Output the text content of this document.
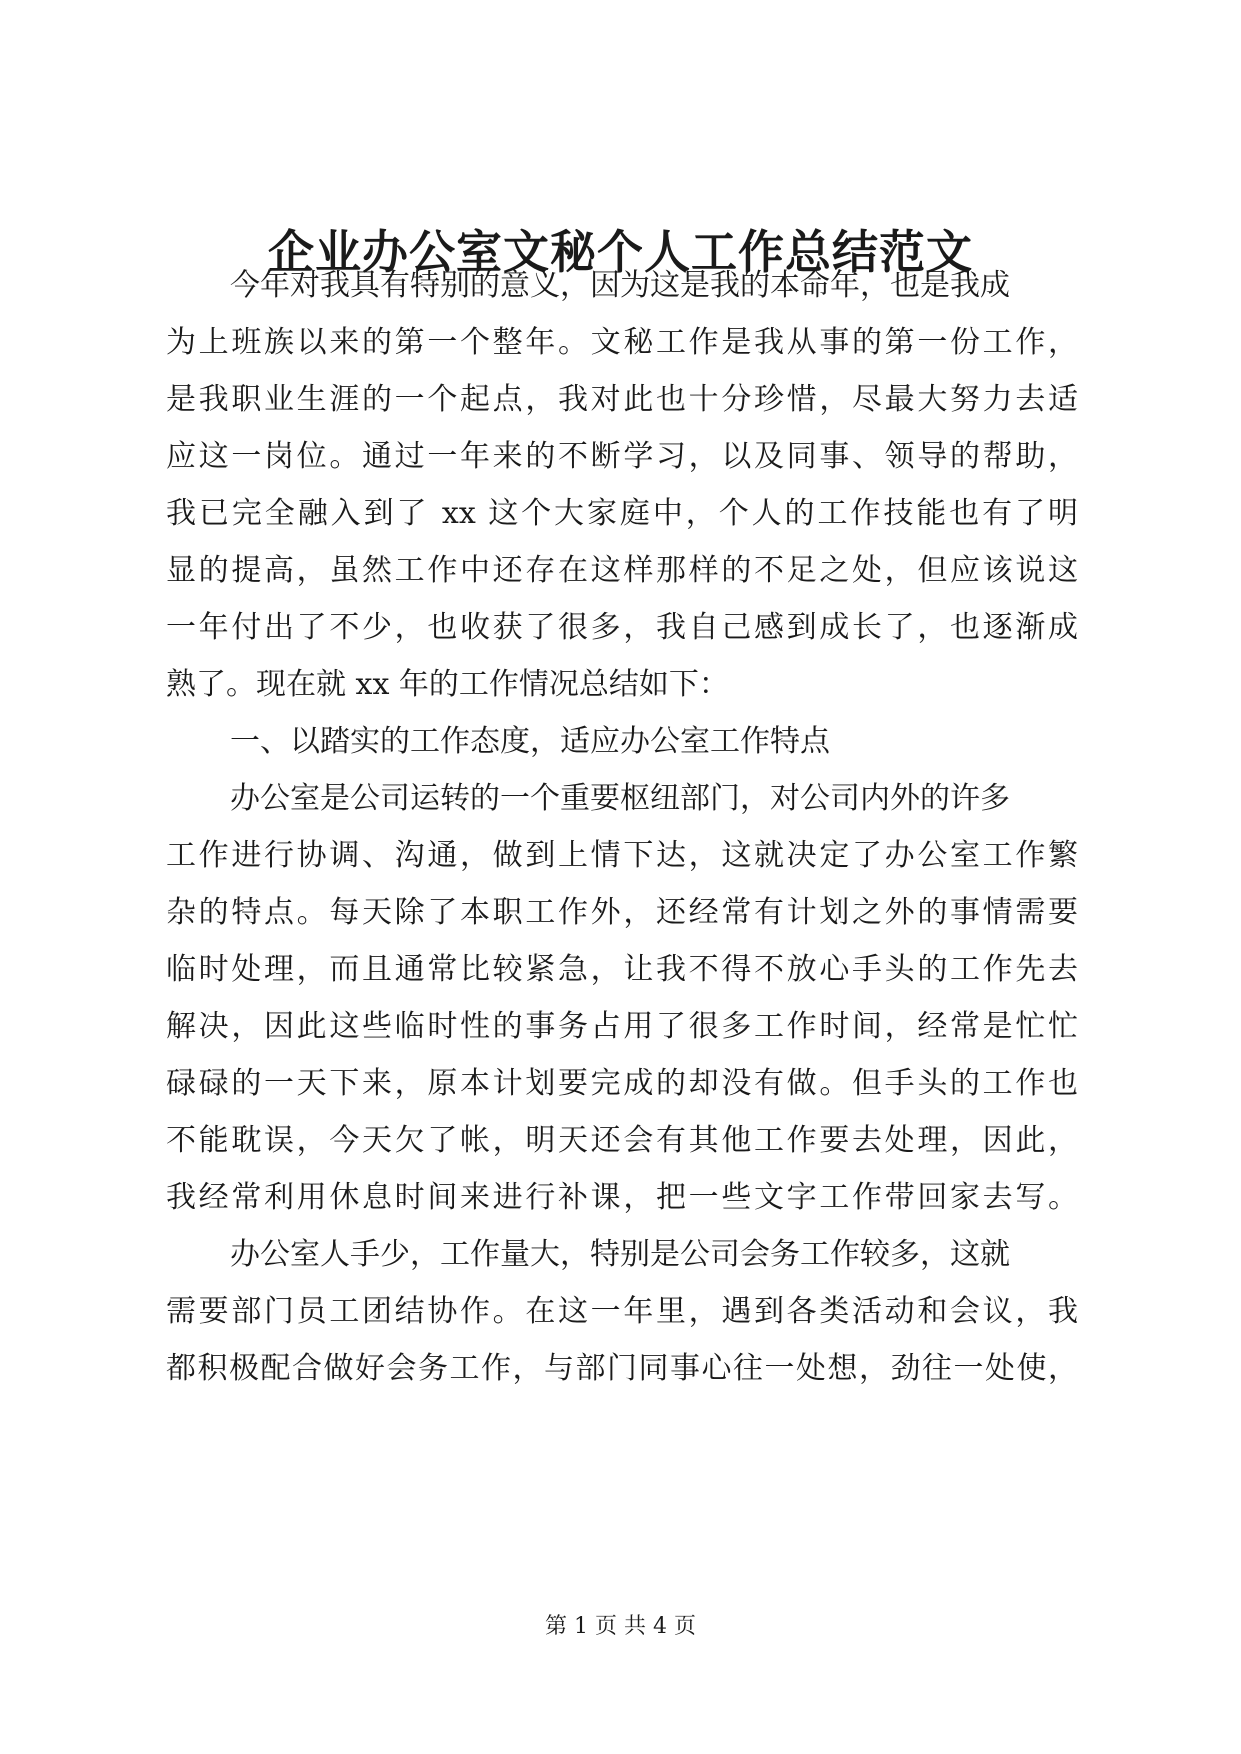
企业办公室文秘个人工作总结范文

今年对我具有特别的意义，因为这是我的本命年，也是我成

为上班族以来的第一个整年。文秘工作是我从事的第一份工作，

是我职业生涯的一个起点，我对此也十分珍惜，尽最大努力去适

应这一岗位。通过一年来的不断学习，以及同事、领导的帮助，

我已完全融入到了 xx 这个大家庭中，个人的工作技能也有了明

显的提高，虽然工作中还存在这样那样的不足之处，但应该说这

一年付出了不少，也收获了很多，我自己感到成长了，也逐渐成

熟了。现在就 xx 年的工作情况总结如下：

一、以踏实的工作态度，适应办公室工作特点

办公室是公司运转的一个重要枢纽部门，对公司内外的许多

工作进行协调、沟通，做到上情下达，这就决定了办公室工作繁

杂的特点。每天除了本职工作外，还经常有计划之外的事情需要

临时处理，而且通常比较紧急，让我不得不放心手头的工作先去

解决，因此这些临时性的事务占用了很多工作时间，经常是忙忙

碌碌的一天下来，原本计划要完成的却没有做。但手头的工作也

不能耽误，今天欠了帐，明天还会有其他工作要去处理，因此，

我经常利用休息时间来进行补课，把一些文字工作带回家去写。

办公室人手少，工作量大，特别是公司会务工作较多，这就

需要部门员工团结协作。在这一年里，遇到各类活动和会议，我

都积极配合做好会务工作，与部门同事心往一处想，劲往一处使，

第 1 页 共 4 页
